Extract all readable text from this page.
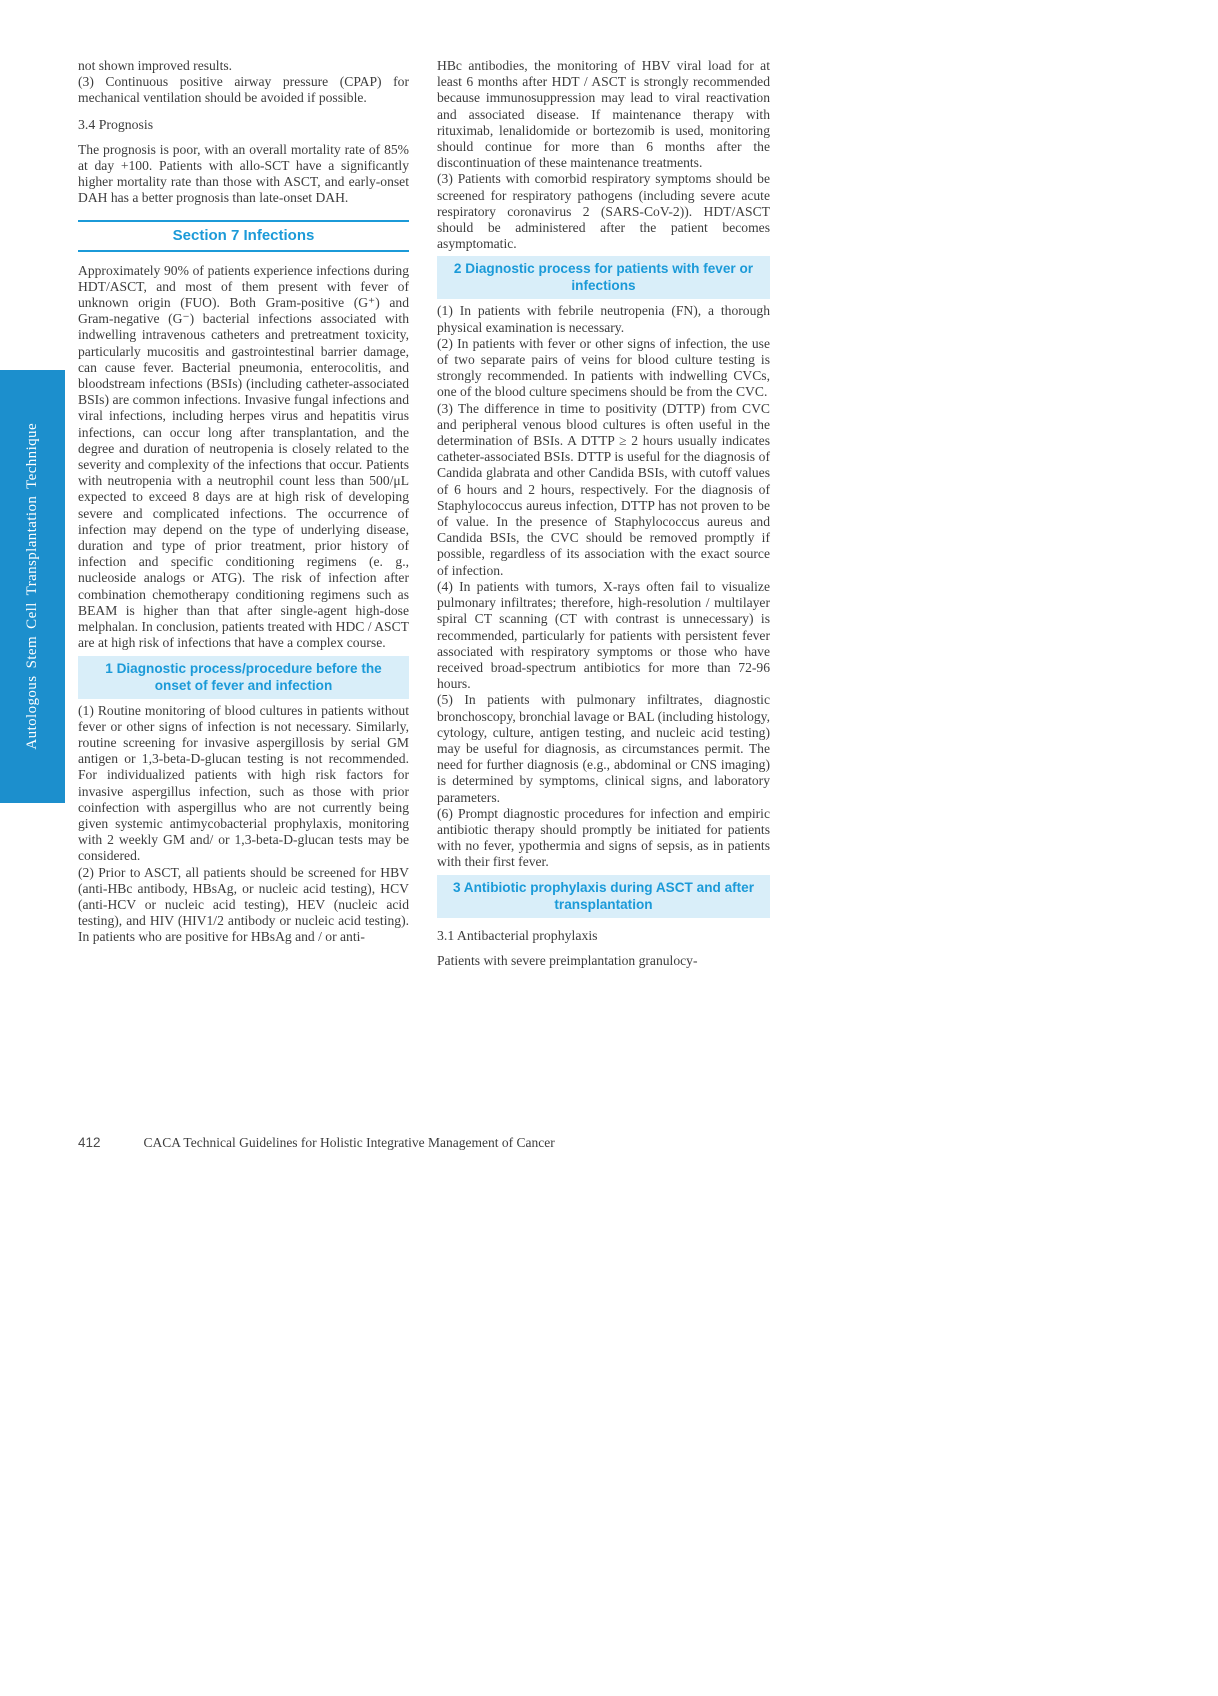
Autologous Stem Cell Transplantation Technique

not shown improved results.

(3) Continuous positive airway pressure (CPAP) for mechanical ventilation should be avoided if possible.

3.4 Prognosis

The prognosis is poor, with an overall mortality rate of 85% at day +100. Patients with allo-SCT have a significantly higher mortality rate than those with ASCT, and early-onset DAH has a better prognosis than late-onset DAH.

Section 7 Infections

Approximately 90% of patients experience infections during HDT/ASCT, and most of them present with fever of unknown origin (FUO). Both Gram-positive (G⁺) and Gram-negative (G⁻) bacterial infections associated with indwelling intravenous catheters and pretreatment toxicity, particularly mucositis and gastrointestinal barrier damage, can cause fever. Bacterial pneumonia, enterocolitis, and bloodstream infections (BSIs) (including catheter-associated BSIs) are common infections. Invasive fungal infections and viral infections, including herpes virus and hepatitis virus infections, can occur long after transplantation, and the degree and duration of neutropenia is closely related to the severity and complexity of the infections that occur. Patients with neutropenia with a neutrophil count less than 500/μL expected to exceed 8 days are at high risk of developing severe and complicated infections. The occurrence of infection may depend on the type of underlying disease, duration and type of prior treatment, prior history of infection and specific conditioning regimens (e. g., nucleoside analogs or ATG). The risk of infection after combination chemotherapy conditioning regimens such as BEAM is higher than that after single-agent high-dose melphalan. In conclusion, patients treated with HDC / ASCT are at high risk of infections that have a complex course.

1 Diagnostic process/procedure before the onset of fever and infection

(1) Routine monitoring of blood cultures in patients without fever or other signs of infection is not necessary. Similarly, routine screening for invasive aspergillosis by serial GM antigen or 1,3-beta-D-glucan testing is not recommended. For individualized patients with high risk factors for invasive aspergillus infection, such as those with prior coinfection with aspergillus who are not currently being given systemic antimycobacterial prophylaxis, monitoring with 2 weekly GM and/ or 1,3-beta-D-glucan tests may be considered.

(2) Prior to ASCT, all patients should be screened for HBV (anti-HBc antibody, HBsAg, or nucleic acid testing), HCV (anti-HCV or nucleic acid testing), HEV (nucleic acid testing), and HIV (HIV1/2 antibody or nucleic acid testing). In patients who are positive for HBsAg and / or anti-

HBc antibodies, the monitoring of HBV viral load for at least 6 months after HDT / ASCT is strongly recommended because immunosuppression may lead to viral reactivation and associated disease. If maintenance therapy with rituximab, lenalidomide or bortezomib is used, monitoring should continue for more than 6 months after the discontinuation of these maintenance treatments.

(3) Patients with comorbid respiratory symptoms should be screened for respiratory pathogens (including severe acute respiratory coronavirus 2 (SARS-CoV-2)). HDT/ASCT should be administered after the patient becomes asymptomatic.

2 Diagnostic process for patients with fever or infections

(1) In patients with febrile neutropenia (FN), a thorough physical examination is necessary.

(2) In patients with fever or other signs of infection, the use of two separate pairs of veins for blood culture testing is strongly recommended. In patients with indwelling CVCs, one of the blood culture specimens should be from the CVC.

(3) The difference in time to positivity (DTTP) from CVC and peripheral venous blood cultures is often useful in the determination of BSIs. A DTTP ≥ 2 hours usually indicates catheter-associated BSIs. DTTP is useful for the diagnosis of Candida glabrata and other Candida BSIs, with cutoff values of 6 hours and 2 hours, respectively. For the diagnosis of Staphylococcus aureus infection, DTTP has not proven to be of value. In the presence of Staphylococcus aureus and Candida BSIs, the CVC should be removed promptly if possible, regardless of its association with the exact source of infection.

(4) In patients with tumors, X-rays often fail to visualize pulmonary infiltrates; therefore, high-resolution / multilayer spiral CT scanning (CT with contrast is unnecessary) is recommended, particularly for patients with persistent fever associated with respiratory symptoms or those who have received broad-spectrum antibiotics for more than 72-96 hours.

(5) In patients with pulmonary infiltrates, diagnostic bronchoscopy, bronchial lavage or BAL (including histology, cytology, culture, antigen testing, and nucleic acid testing) may be useful for diagnosis, as circumstances permit. The need for further diagnosis (e.g., abdominal or CNS imaging) is determined by symptoms, clinical signs, and laboratory parameters.

(6) Prompt diagnostic procedures for infection and empiric antibiotic therapy should promptly be initiated for patients with no fever, ypothermia and signs of sepsis, as in patients with their first fever.

3 Antibiotic prophylaxis during ASCT and after transplantation
3.1 Antibacterial prophylaxis

Patients with severe preimplantation granulocy-

412	CACA Technical Guidelines for Holistic Integrative Management of Cancer
